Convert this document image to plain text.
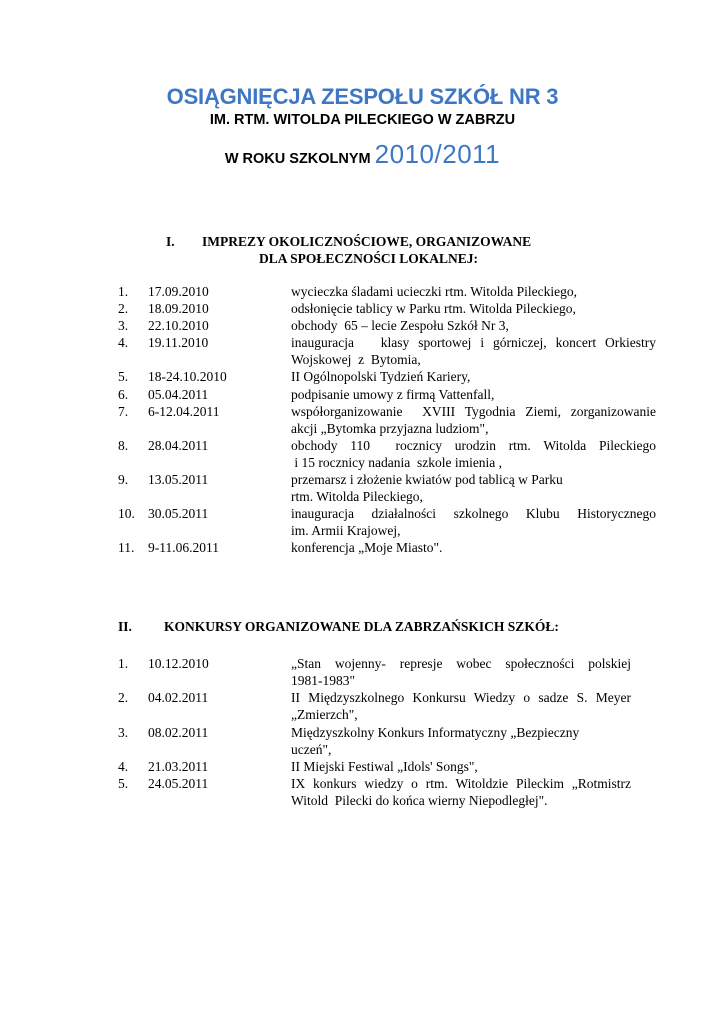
OSIĄGNIĘCJA ZESPOŁU SZKÓŁ NR 3
IM. RTM. WITOLDA PILECKIEGO W ZABRZU
W ROKU SZKOLNYM 2010/2011
I. IMPREZY OKOLICZNOŚCIOWE, ORGANIZOWANE
DLA SPOŁECZNOŚCI LOKALNEJ:
1. 17.09.2010	wycieczka śladami ucieczki rtm. Witolda Pileckiego,
2. 18.09.2010	odsłonięcie tablicy w Parku rtm. Witolda Pileckiego,
3. 22.10.2010	obchody  65 – lecie Zespołu Szkół Nr 3,
4. 19.11.2010	inauguracja   klasy sportowej i górniczej, koncert Orkiestry
Wojskowej  z  Bytomia,
5. 18-24.10.2010	II Ogólnopolski Tydzień Kariery,
6. 05.04.2011	podpisanie umowy z firmą Vattenfall,
7. 6-12.04.2011	współorganizowanie  XVIII Tygodnia Ziemi, zorganizowanie
akcji „Bytomka przyjazna ludziom",
8. 28.04.2011	obchody 110  rocznicy urodzin rtm. Witolda Pileckiego
i 15 rocznicy nadania  szkole imienia ,
9. 13.05.2011	przemarsz i złożenie kwiatów pod tablicą w Parku
rtm. Witolda Pileckiego,
10. 30.05.2011	inauguracja działalności szkolnego Klubu Historycznego
im. Armii Krajowej,
11. 9-11.06.2011	konferencja „Moje Miasto".
II. KONKURSY ORGANIZOWANE DLA ZABRZAŃSKICH SZKÓŁ:
1. 10.12.2010	„Stan wojenny- represje wobec społeczności polskiej
1981-1983"
2. 04.02.2011	II Międzyszkolnego Konkursu Wiedzy o sadze S. Meyer
„Zmierzch",
3. 08.02.2011	Międzyszkolny Konkurs Informatyczny „Bezpieczny
uczeń",
4. 21.03.2011	II Miejski Festiwal „Idols' Songs",
5. 24.05.2011	IX konkurs wiedzy o rtm. Witoldzie Pileckim „Rotmistrz
Witold  Pilecki do końca wierny Niepodległej".
